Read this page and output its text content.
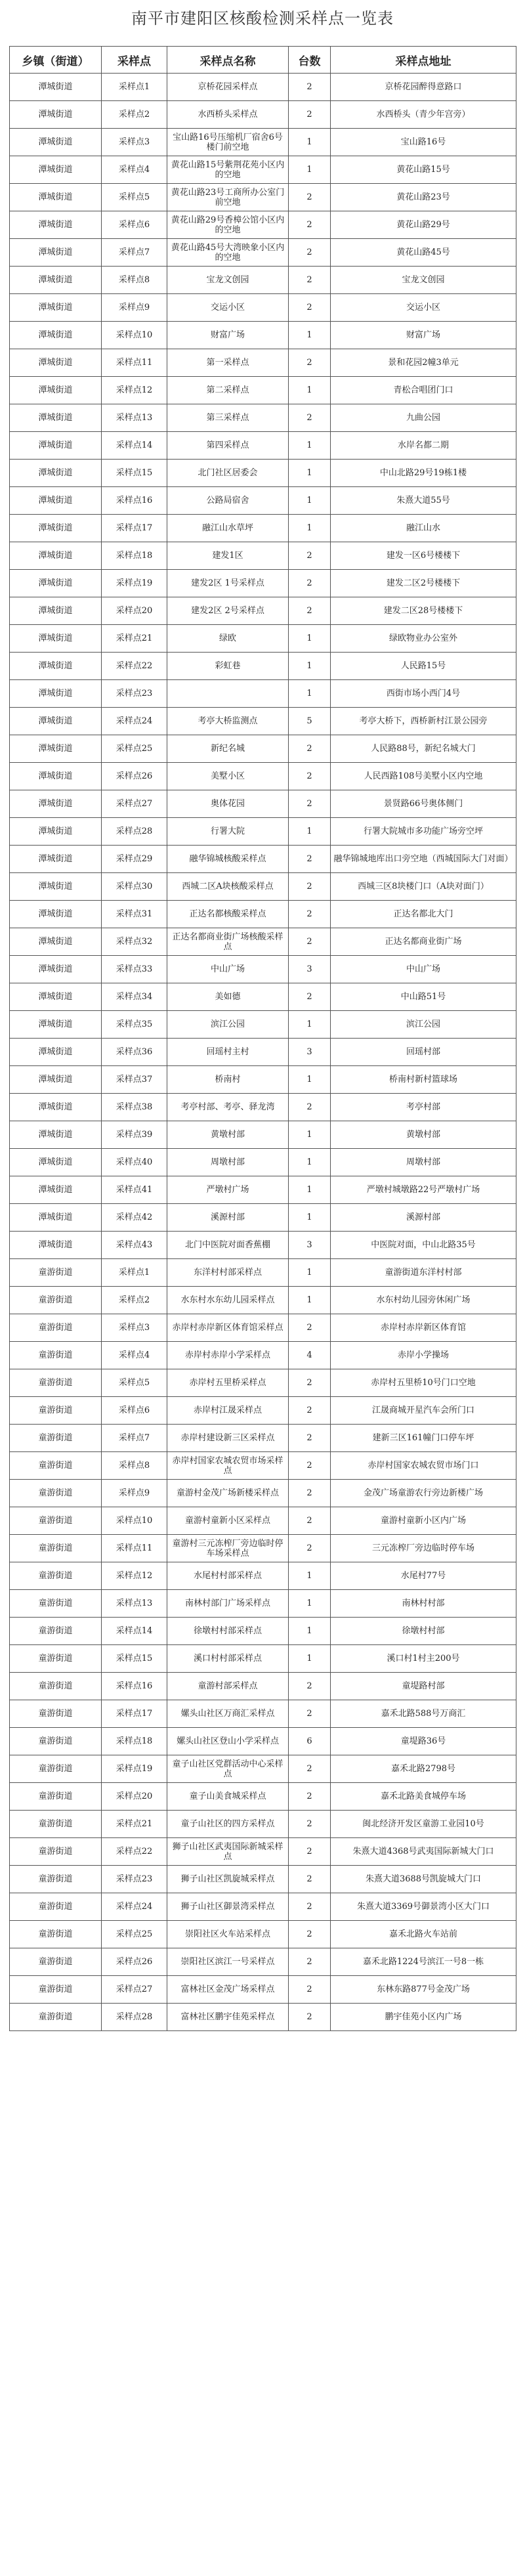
南平市建阳区核酸检测采样点一览表
乡镇（街道）	采样点	采样点名称	台数	采样点地址
潭城街道	采样点1	京桥花园采样点	2	京桥花园醉得意路口
潭城街道	采样点2	水西桥头采样点	2	水西桥头（青少年宫旁）
潭城街道	采样点3	宝山路16号压缩机厂宿舍6号楼门前空地	1	宝山路16号
潭城街道	采样点4	黄花山路15号紫荆花苑小区内的空地	1	黄花山路15号
潭城街道	采样点5	黄花山路23号工商所办公室门前空地	2	黄花山路23号
潭城街道	采样点6	黄花山路29号香樟公馆小区内的空地	2	黄花山路29号
潭城街道	采样点7	黄花山路45号大湾映象小区内的空地	2	黄花山路45号
潭城街道	采样点8	宝龙文创园	2	宝龙文创园
潭城街道	采样点9	交运小区	2	交运小区
潭城街道	采样点10	财富广场	1	财富广场
潭城街道	采样点11	第一采样点	2	景和花园2幢3单元
潭城街道	采样点12	第二采样点	1	青松合唱团门口
潭城街道	采样点13	第三采样点	2	九曲公园
潭城街道	采样点14	第四采样点	1	水岸名都二期
潭城街道	采样点15	北门社区居委会	1	中山北路29号19栋1楼
潭城街道	采样点16	公路局宿舍	1	朱熹大道55号
潭城街道	采样点17	融江山水草坪	1	融江山水
潭城街道	采样点18	建发1区	2	建发一区6号楼楼下
潭城街道	采样点19	建发2区 1号采样点	2	建发二区2号楼楼下
潭城街道	采样点20	建发2区 2号采样点	2	建发二区28号楼楼下
潭城街道	采样点21	绿欧	1	绿欧物业办公室外
潭城街道	采样点22	彩虹巷	1	人民路15号
潭城街道	采样点23		1	西街市场小西门4号
潭城街道	采样点24	考亭大桥监测点	5	考亭大桥下，西桥新村江景公园旁
潭城街道	采样点25	新纪名城	2	人民路88号，新纪名城大门
潭城街道	采样点26	美墅小区	2	人民西路108号美墅小区内空地
潭城街道	采样点27	奥体花园	2	景贤路66号奥体侧门
潭城街道	采样点28	行署大院	1	行署大院城市多功能广场旁空坪
潭城街道	采样点29	融华锦城核酸采样点	2	融华锦城地库出口旁空地（西城国际大门对面）
潭城街道	采样点30	西城二区A块核酸采样点	2	西城三区8块楼门口（A块对面门）
潭城街道	采样点31	正达名都核酸采样点	2	正达名都北大门
潭城街道	采样点32	正达名都商业街广场核酸采样点	2	正达名都商业街广场
潭城街道	采样点33	中山广场	3	中山广场
潭城街道	采样点34	美如德	2	中山路51号
潭城街道	采样点35	滨江公园	1	滨江公园
潭城街道	采样点36	回瑶村主村	3	回瑶村部
潭城街道	采样点37	桥南村	1	桥南村新村篮球场
潭城街道	采样点38	考亭村部、考亭、驿龙湾	2	考亭村部
潭城街道	采样点39	黄墩村部	1	黄墩村部
潭城街道	采样点40	周墩村部	1	周墩村部
潭城街道	采样点41	严墩村广场	1	严墩村城墩路22号严墩村广场
潭城街道	采样点42	溪源村部	1	溪源村部
潭城街道	采样点43	北门中医院对面香蕉棚	3	中医院对面，中山北路35号
童游街道	采样点1	东洋村村部采样点	1	童游街道东洋村村部
童游街道	采样点2	水东村水东幼儿园采样点	1	水东村幼儿园旁休闲广场
童游街道	采样点3	赤岸村赤岸新区体育馆采样点	2	赤岸村赤岸新区体育馆
童游街道	采样点4	赤岸村赤岸小学采样点	4	赤岸小学操场
童游街道	采样点5	赤岸村五里桥采样点	2	赤岸村五里桥10号门口空地
童游街道	采样点6	赤岸村江晟采样点	2	江晟商城开星汽车会所门口
童游街道	采样点7	赤岸村建设新三区采样点	2	建新三区161幢门口停车坪
童游街道	采样点8	赤岸村国家农城农贸市场采样点	2	赤岸村国家农城农贸市场门口
童游街道	采样点9	童游村金茂广场新楼采样点	2	金茂广场童游农行旁边新楼广场
童游街道	采样点10	童游村童新小区采样点	2	童游村童新小区内广场
童游街道	采样点11	童游村三元冻榨厂旁边临时停车场采样点	2	三元冻榨厂旁边临时停车场
童游街道	采样点12	水尾村村部采样点	1	水尾村77号
童游街道	采样点13	南林村部门广场采样点	1	南林村村部
童游街道	采样点14	徐墩村村部采样点	1	徐墩村村部
童游街道	采样点15	溪口村村部采样点	1	溪口村1村主200号
童游街道	采样点16	童游村部采样点	2	童堤路村部
童游街道	采样点17	嫘头山社区万商汇采样点	2	嘉禾北路588号万商汇
童游街道	采样点18	嫘头山社区登山小学采样点	6	童堤路36号
童游街道	采样点19	童子山社区党群活动中心采样点	2	嘉禾北路2798号
童游街道	采样点20	童子山美食城采样点	2	嘉禾北路美食城停车场
童游街道	采样点21	童子山社区的四方采样点	2	闽北经济开发区童游工业园10号
童游街道	采样点22	狮子山社区武夷国际新城采样点	2	朱熹大道4368号武夷国际新城大门口
童游街道	采样点23	狮子山社区凯旋城采样点	2	朱熹大道3688号凯旋城大门口
童游街道	采样点24	狮子山社区御景湾采样点	2	朱熹大道3369号御景湾小区大门口
童游街道	采样点25	崇阳社区火车站采样点	2	嘉禾北路火车站前
童游街道	采样点26	崇阳社区滨江一号采样点	2	嘉禾北路1224号滨江一号8一栋
童游街道	采样点27	富林社区金茂广场采样点	2	东林东路877号金茂广场
童游街道	采样点28	富林社区鹏宇佳苑采样点	2	鹏宇佳苑小区内广场
